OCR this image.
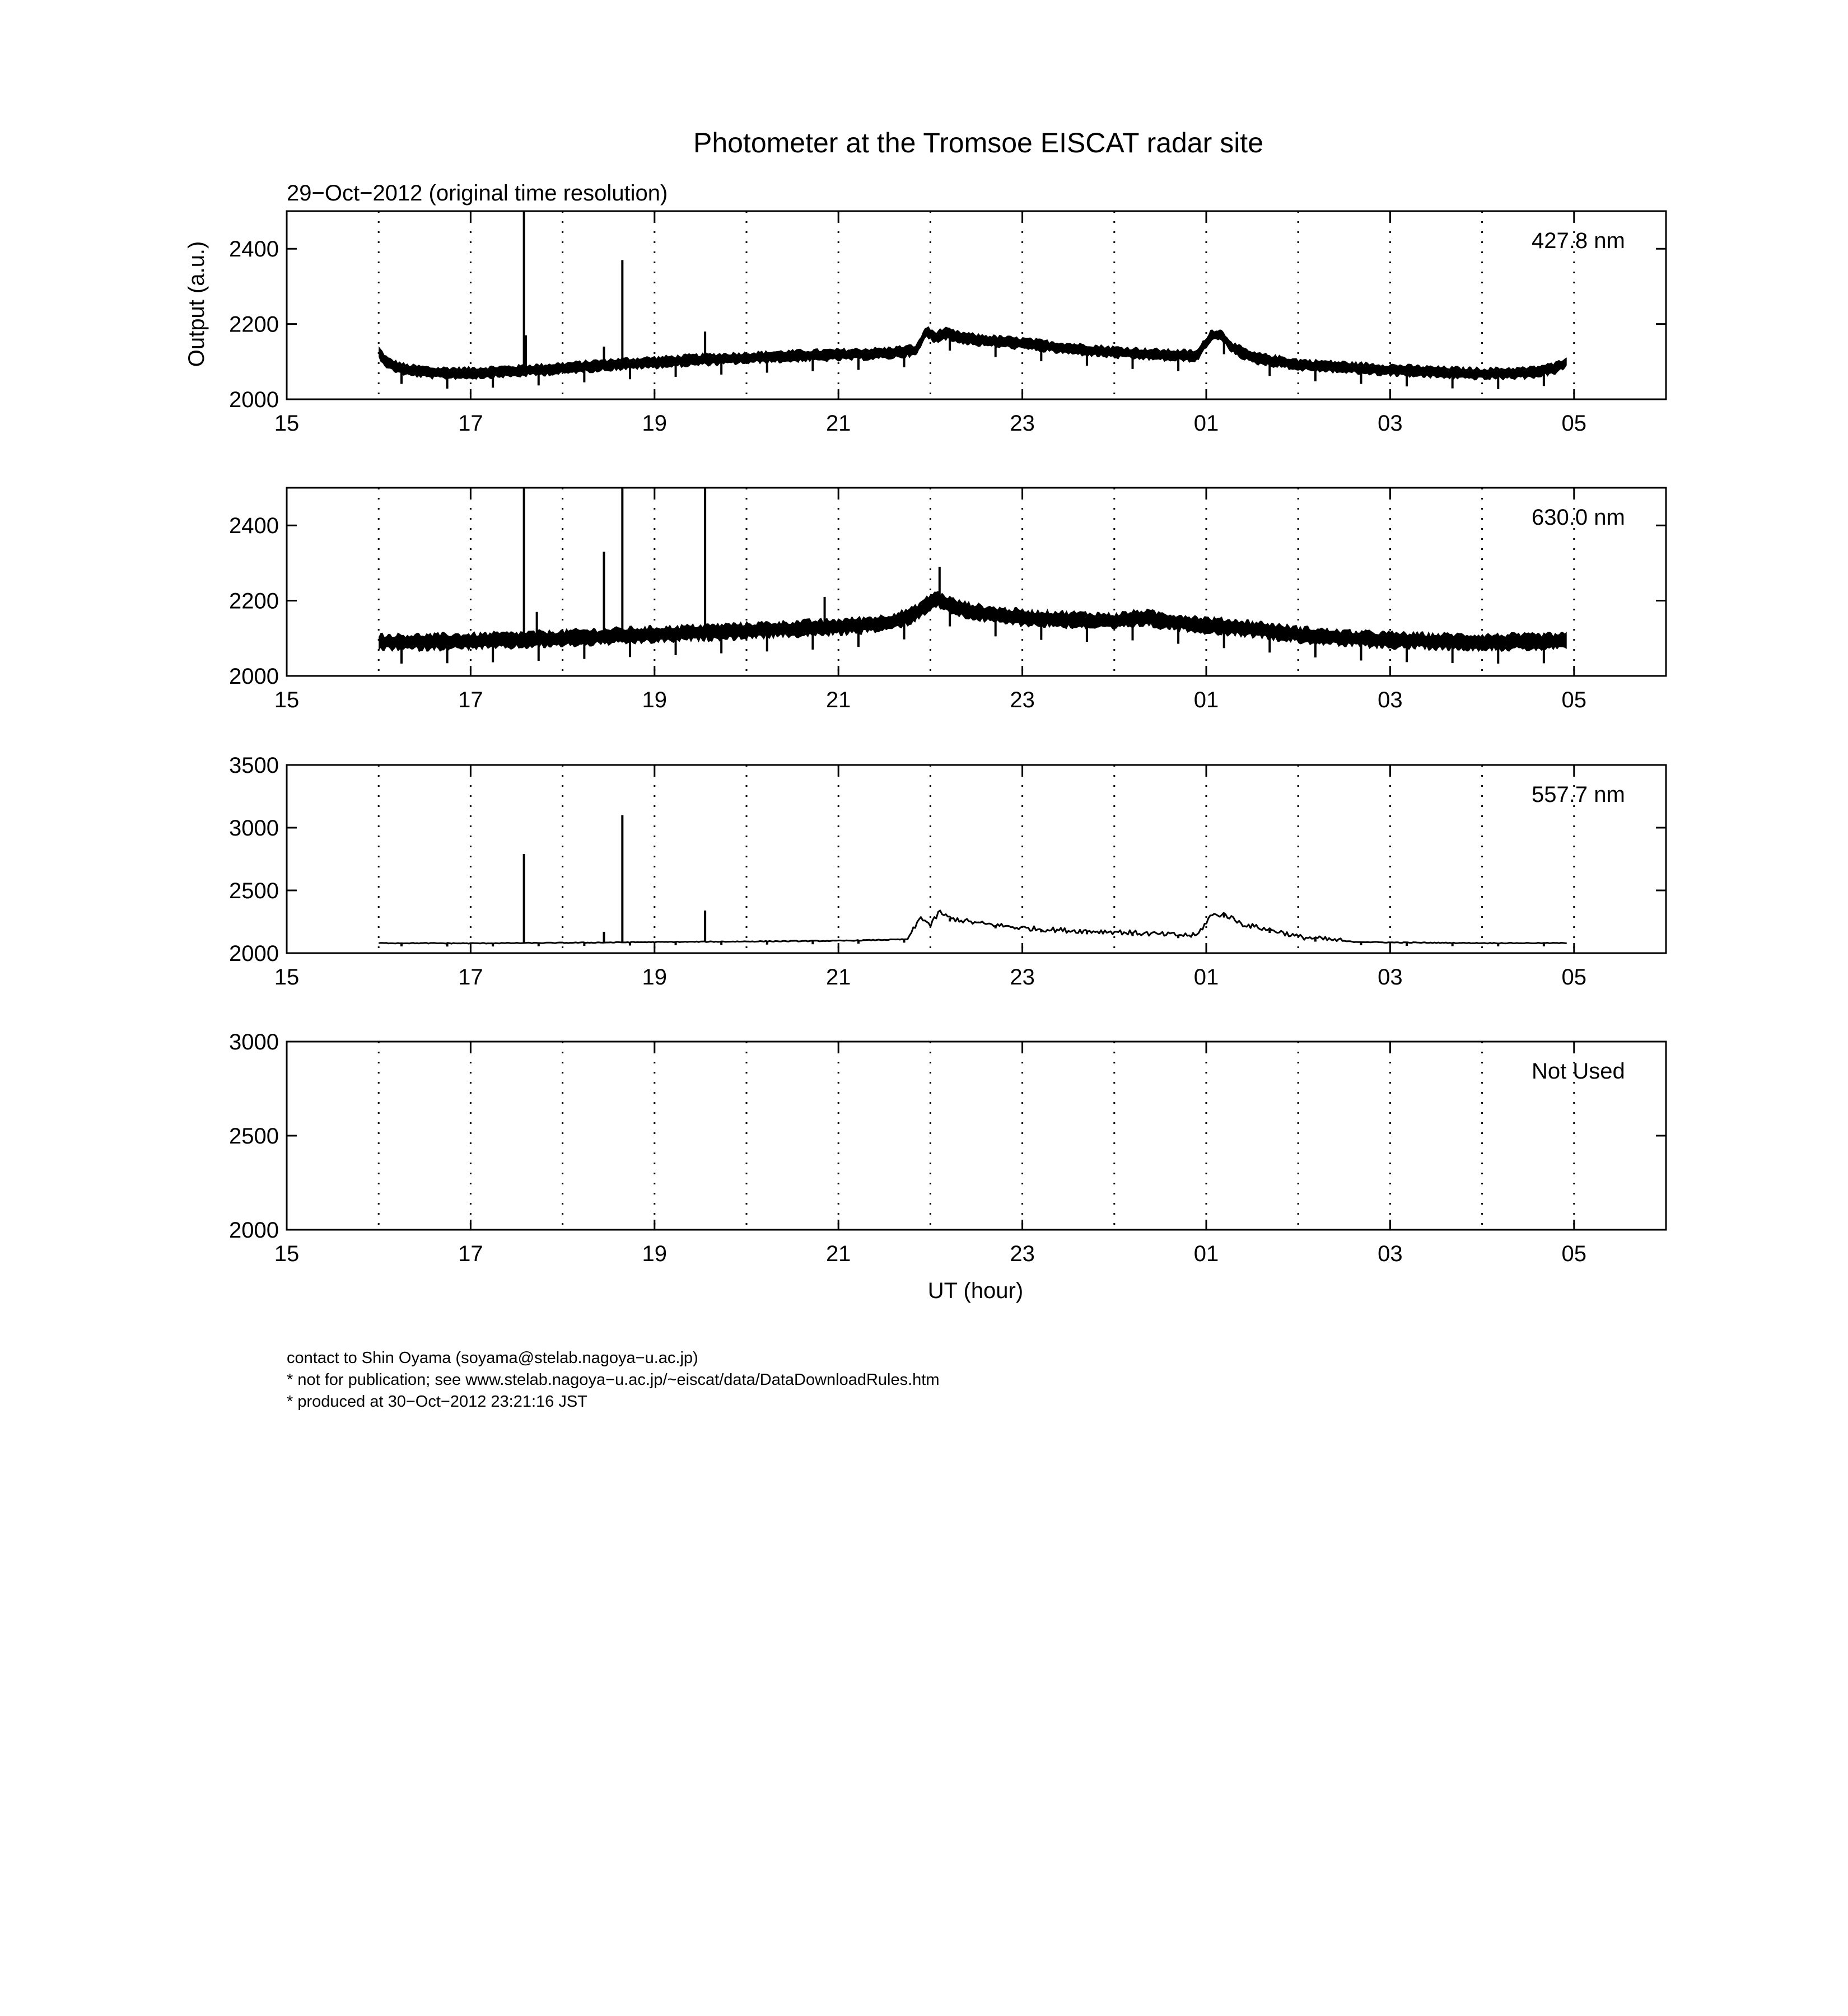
Photometer at the Tromsoe EISCAT radar site
29−Oct−2012 (original time resolution)
Output (a.u.)
15	17	19	21	23	01	03	05
2000
2200
2400	427.8 nm
15	17	19	21	23	01	03	05
2000
2200
2400	630.0 nm
15	17	19	21	23	01	03	05
2000
2500
3000
3500
557.7 nm
15	17	19	21	23	01	03	05
2000
2500
3000
Not Used
UT (hour)
contact to Shin Oyama (soyama@stelab.nagoya−u.ac.jp)
* not for publication; see www.stelab.nagoya−u.ac.jp/~eiscat/data/DataDownloadRules.htm
* produced at 30−Oct−2012 23:21:16 JST
